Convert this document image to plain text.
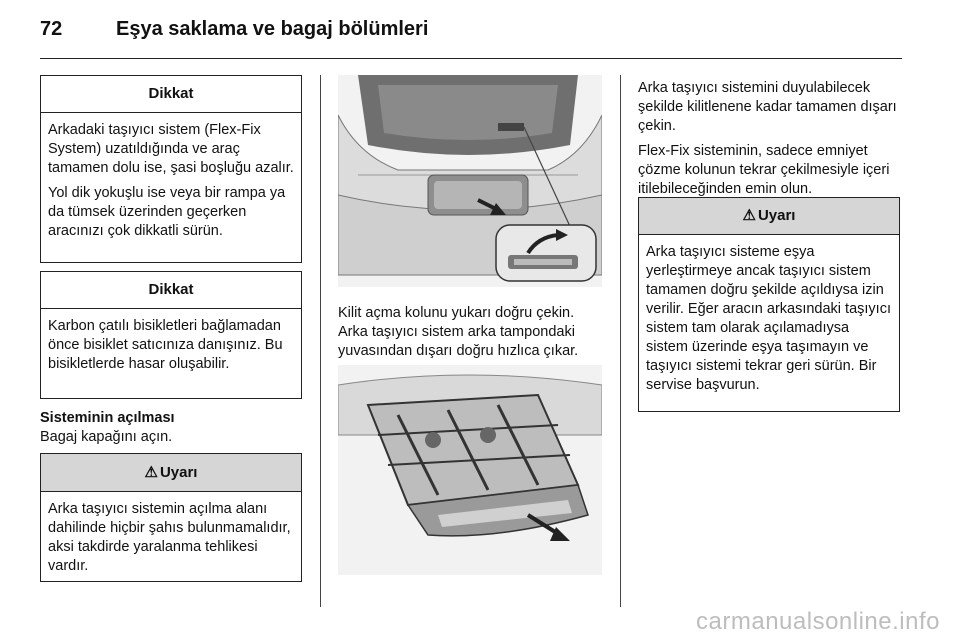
72	Eşya saklama ve bagaj bölümleri
Dikkat

Arkadaki taşıyıcı sistem (Flex-Fix System) uzatıldığında ve araç tamamen dolu ise, şasi boşluğu azalır.

Yol dik yokuşlu ise veya bir rampa ya da tümsek üzerinden geçerken aracınızı çok dikkatli sürün.

Dikkat

Karbon çatılı bisikletleri bağlamadan önce bisiklet satıcınıza danışınız. Bu bisikletlerde hasar oluşabilir.

Sisteminin açılması
Bagaj kapağını açın.
⚠ Uyarı

Arka taşıyıcı sistemin açılma alanı dahilinde hiçbir şahıs bulunmamalıdır, aksi takdirde yaralanma tehlikesi vardır.

Kilit açma kolunu yukarı doğru çekin. Arka taşıyıcı sistem arka tampondaki yuvasından dışarı doğru hızlıca çıkar.

Arka taşıyıcı sistemini duyulabilecek şekilde kilitlenene kadar tamamen dışarı çekin.

Flex-Fix sisteminin, sadece emniyet çözme kolunun tekrar çekilmesiyle içeri itilebileceğinden emin olun.

⚠ Uyarı

Arka taşıyıcı sisteme eşya yerleştirmeye ancak taşıyıcı sistem tamamen doğru şekilde açıldıysa izin verilir. Eğer aracın arkasındaki taşıyıcı sistem tam olarak açılamadıysa sistem üzerinde eşya taşımayın ve taşıyıcı sistemi tekrar geri sürün. Bir servise başvurun.

carmanualsonline.info
